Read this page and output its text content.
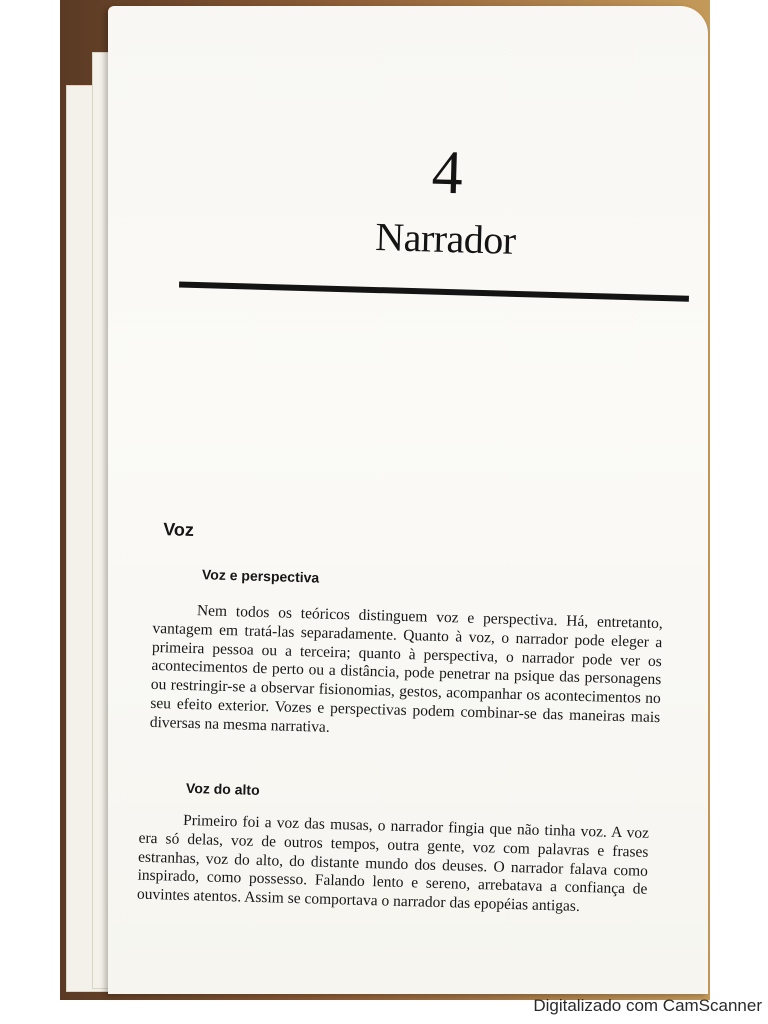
4
Narrador
Voz
Voz e perspectiva

Nem todos os teóricos distinguem voz e perspectiva. Há, entretanto, vantagem em tratá-las separadamente. Quanto à voz, o narrador pode eleger a primeira pessoa ou a terceira; quanto à perspectiva, o narrador pode ver os acontecimentos de perto ou a distância, pode penetrar na psique das personagens ou restringir-se a observar fisionomias, gestos, acompanhar os acontecimentos no seu efeito exterior. Vozes e perspectivas podem combinar-se das maneiras mais diversas na mesma narrativa.

Voz do alto

Primeiro foi a voz das musas, o narrador fingia que não tinha voz. A voz era só delas, voz de outros tempos, outra gente, voz com palavras e frases estranhas, voz do alto, do distante mundo dos deuses. O narrador falava como inspirado, como possesso. Falando lento e sereno, arrebatava a confiança de ouvintes atentos. Assim se comportava o narrador das epopéias antigas.

Digitalizado com CamScanner
